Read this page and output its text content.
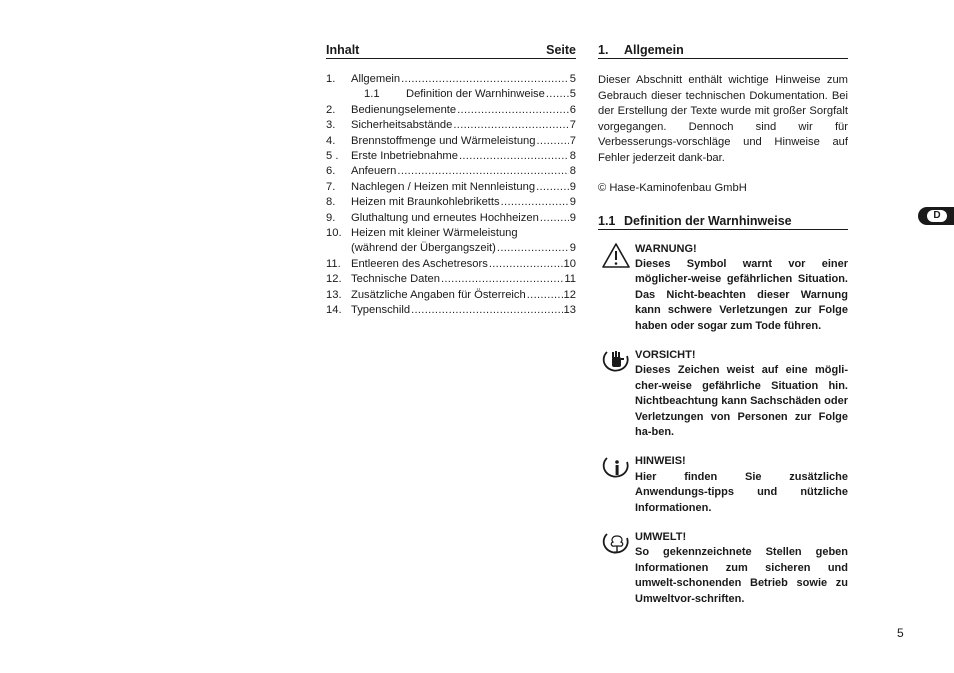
Inhalt	Seite
1.	Allgemein .....	5
1.1	Definition der Warnhinweise ..... 5
2.	Bedienungselemente .....	6
3.	Sicherheitsabstände .....	7
4.	Brennstoffmenge und Wärmeleistung .....	7
5 .	Erste Inbetriebnahme .....	8
6.	Anfeuern .....	8
7.	Nachlegen / Heizen mit Nennleistung .....	9
8.	Heizen mit Braunkohlebriketts .....	9
9.	Gluthaltung und erneutes Hochheizen .....	9
10. Heizen mit kleiner Wärmeleistung
(während der Übergangszeit) .....	9
11. Entleeren des Aschetresors .....	10
12. Technische Daten .....	11
13. Zusätzliche Angaben für Österreich .....	12
14. Typenschild .....	13
1.	Allgemein
Dieser Abschnitt enthält wichtige Hinweise zum Gebrauch dieser technischen Dokumentation. Bei der Erstellung der Texte wurde mit großer Sorgfalt vorgegangen. Dennoch sind wir für Verbesserungs-vorschläge und Hinweise auf Fehler jederzeit dank-bar.
© Hase-Kaminofenbau GmbH
1.1 Definition der Warnhinweise
WARNUNG!
Dieses Symbol warnt vor einer möglicher-weise gefährlichen Situation. Das Nicht-beachten dieser Warnung kann schwere Verletzungen zur Folge haben oder sogar zum Tode führen.
VORSICHT!
Dieses Zeichen weist auf eine mögli-cher-weise gefährliche Situation hin. Nichtbeachtung kann Sachschäden oder Verletzungen von Personen zur Folge ha-ben.
HINWEIS!
Hier finden Sie zusätzliche Anwendungs-tipps und nützliche Informationen.
UMWELT!
So gekennzeichnete Stellen geben Informationen zum sicheren und umwelt-schonenden Betrieb sowie zu Umweltvor-schriften.
D
5
